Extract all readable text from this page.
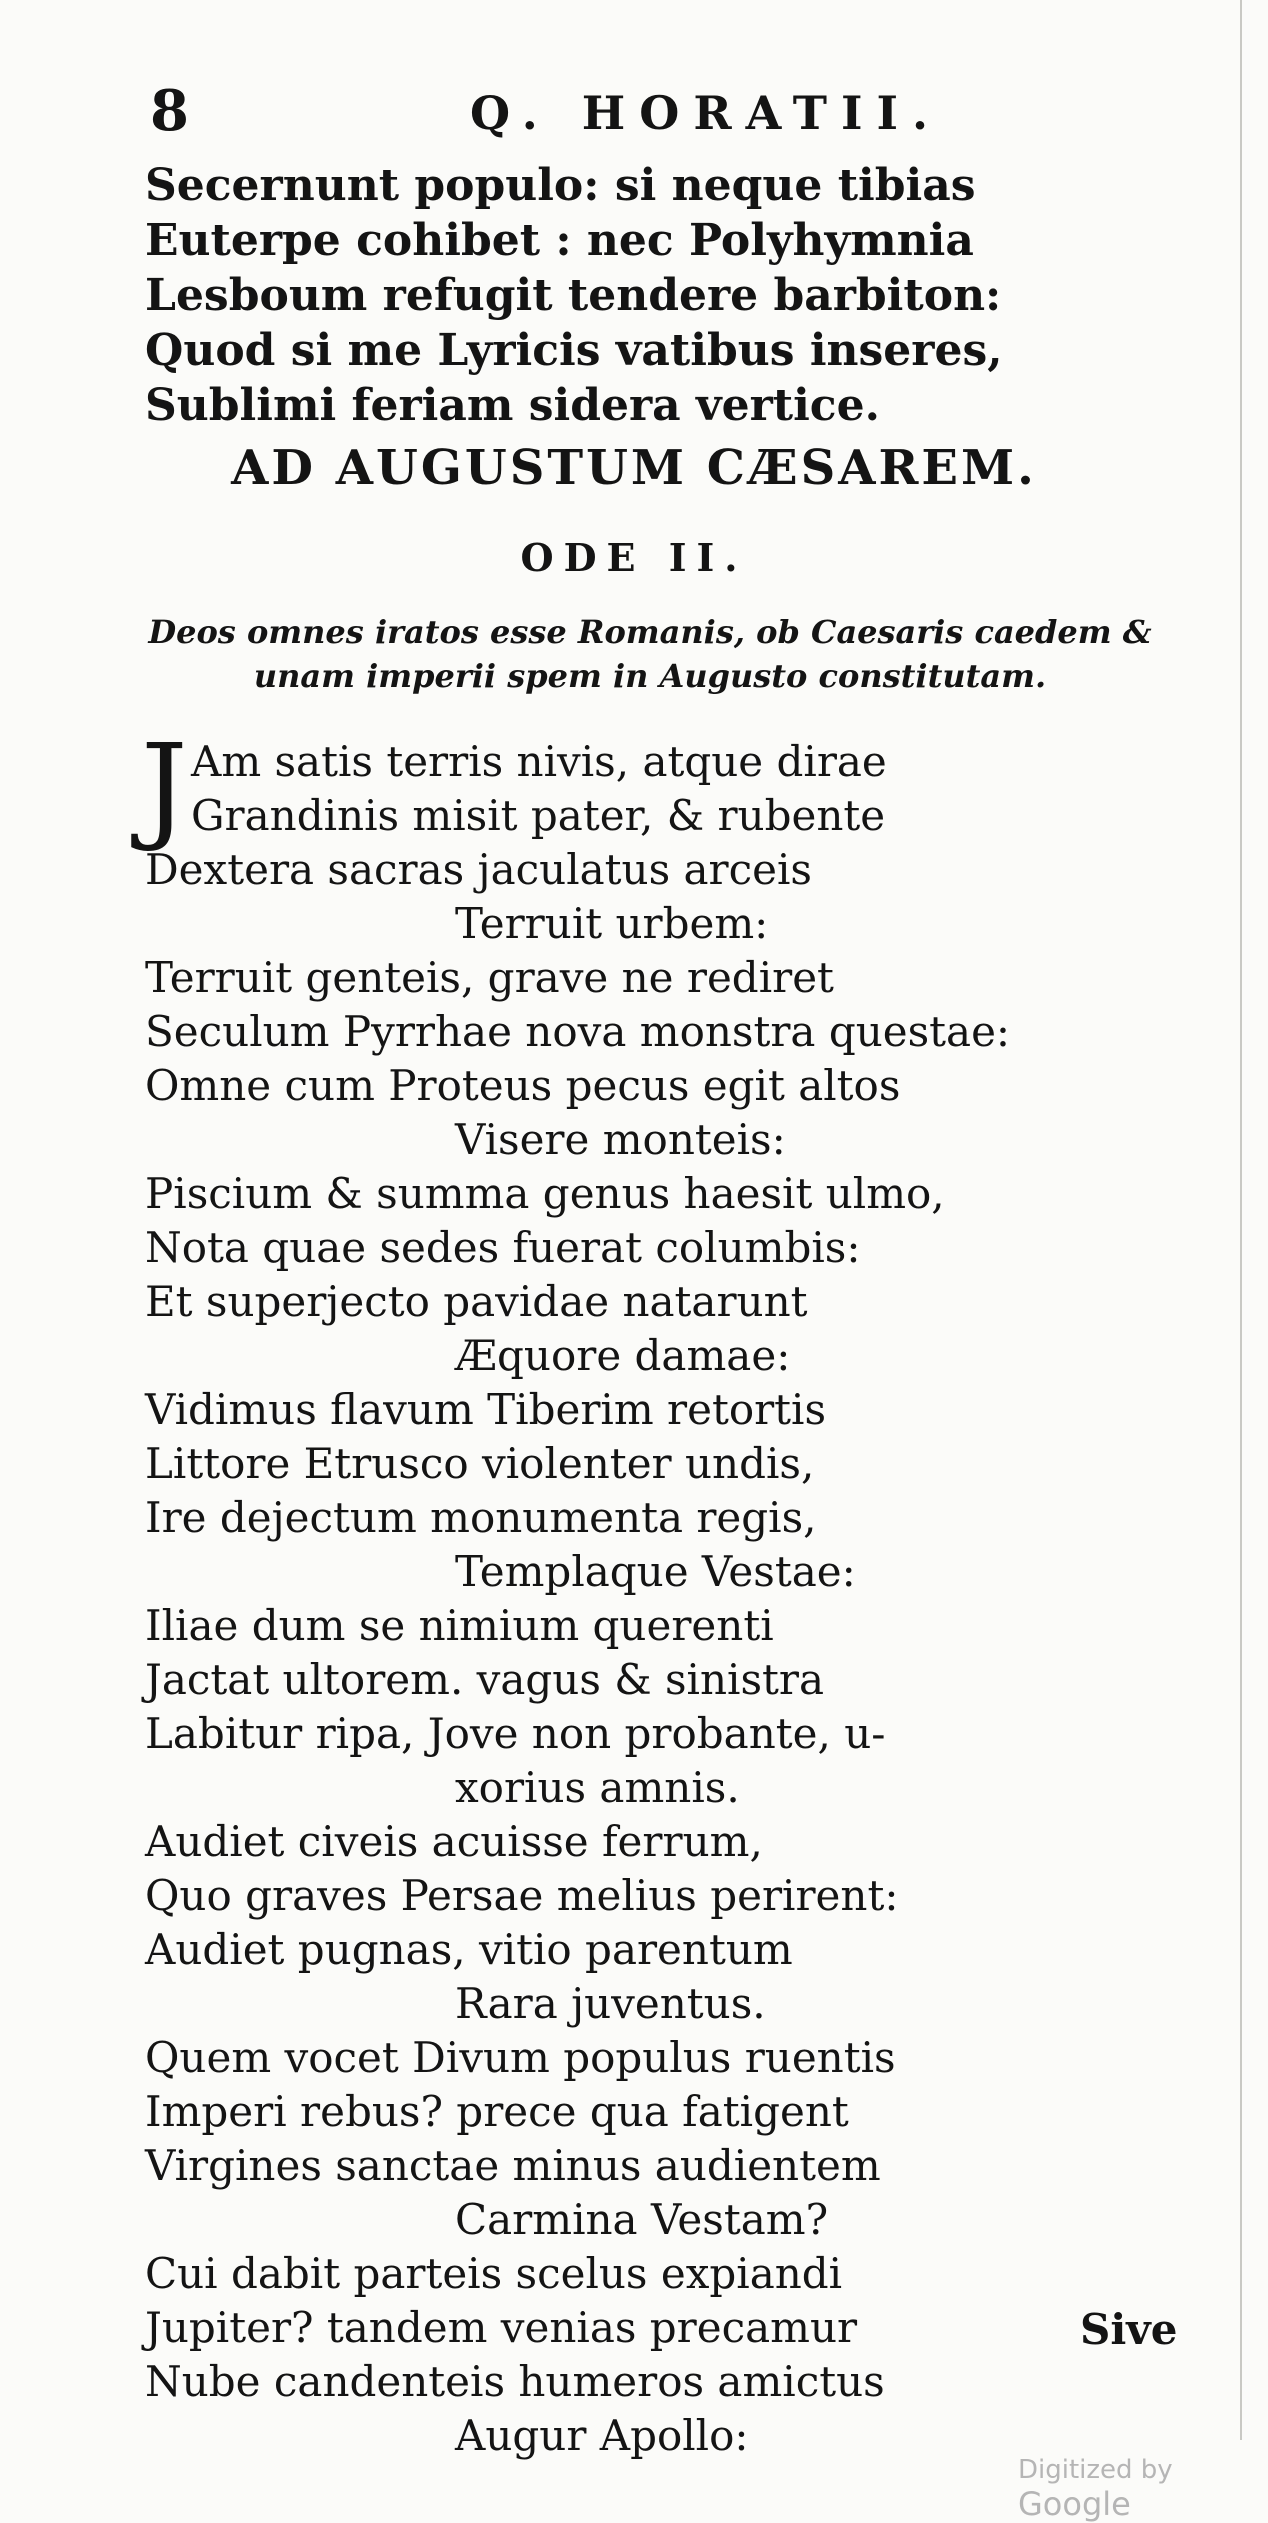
8	Q. HORATII.
Secernunt populo: si neque tibias
Euterpe cohibet : nec Polyhymnia
Lesboum refugit tendere barbiton:
Quod si me Lyricis vatibus inseres,
Sublimi feriam sidera vertice.
AD AUGUSTUM CÆSAREM.
ODE II.
Deos omnes iratos esse Romanis, ob Caesaris caedem &
unam imperii spem in Augusto constitutam.
J Am satis terris nivis, atque dirae
Grandinis misit pater, & rubente
Dextera sacras jaculatus arceis
Terruit urbem:
Terruit genteis, grave ne rediret
Seculum Pyrrhae nova monstra questae:
Omne cum Proteus pecus egit altos
Visere monteis:
Piscium & summa genus haesit ulmo,
Nota quae sedes fuerat columbis:
Et superjecto pavidae natarunt
Æquore damae:
Vidimus flavum Tiberim retortis
Littore Etrusco violenter undis,
Ire dejectum monumenta regis,
Templaque Vestae:
Iliae dum se nimium querenti
Jactat ultorem. vagus & sinistra
Labitur ripa, Jove non probante, u-
xorius amnis.
Audiet civeis acuisse ferrum,
Quo graves Persae melius perirent:
Audiet pugnas, vitio parentum
Rara juventus.
Quem vocet Divum populus ruentis
Imperi rebus? prece qua fatigent
Virgines sanctae minus audientem
Carmina Vestam?
Cui dabit parteis scelus expiandi
Jupiter? tandem venias precamur
Nube candenteis humeros amictus
Augur Apollo:
Sive
Digitized by Google
